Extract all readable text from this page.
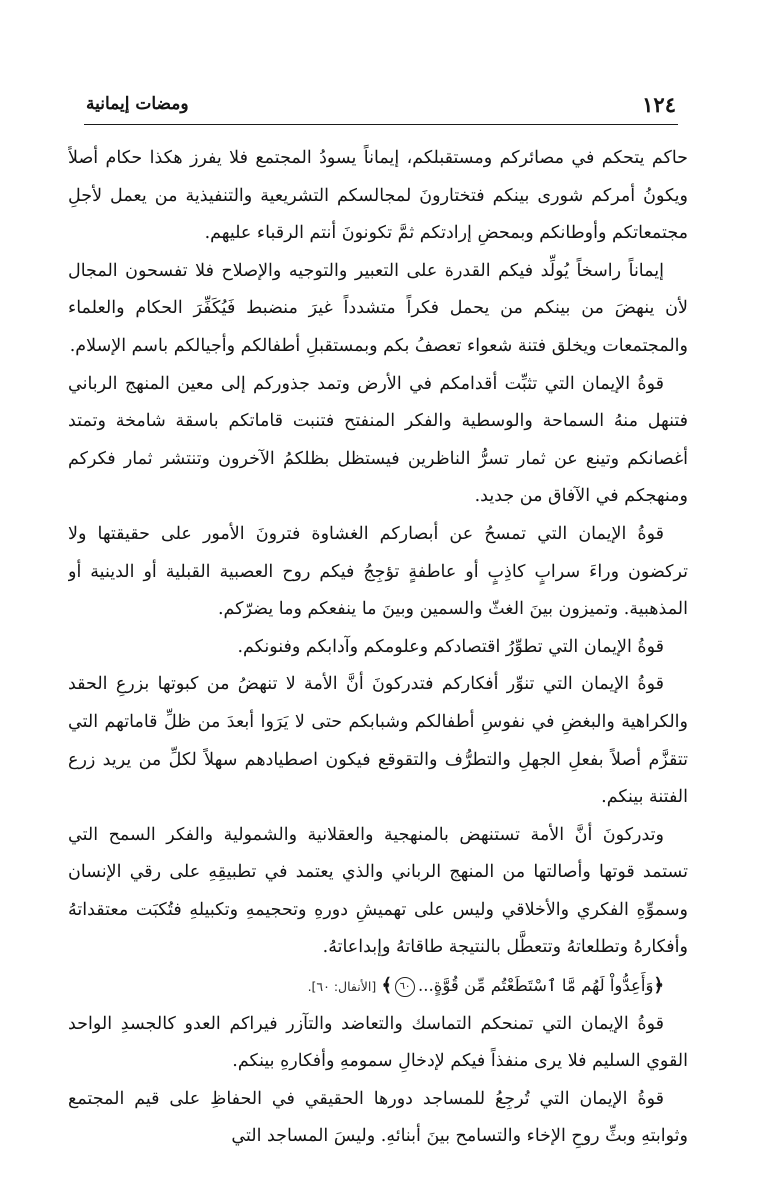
١٢٤
ومضات إيمانية

حاكم يتحكم في مصائركم ومستقبلكم، إيماناً يسودُ المجتمع فلا يفرز هكذا حكام أصلاً ويكونُ أمركم شورى بينكم فتختارونَ لمجالسكم التشريعية والتنفيذية من يعمل لأجلِ مجتمعاتكم وأوطانكم وبمحضِ إرادتكم ثمَّ تكونونَ أنتم الرقباء عليهم.

إيماناً راسخاً يُولِّد فيكم القدرة على التعبير والتوجيه والإصلاح فلا تفسحون المجال لأن ينهضَ من بينكم من يحمل فكراً متشدداً غيرَ منضبط فَيُكَفِّرَ الحكام والعلماء والمجتمعات ويخلق فتنة شعواء تعصفُ بكم وبمستقبلِ أطفالكم وأجيالكم باسم الإسلام.

قوةُ الإيمان التي تثبِّت أقدامكم في الأرض وتمد جذوركم إلى معين المنهج الرباني فتنهل منهُ السماحة والوسطية والفكر المنفتح فتنبت قاماتكم باسقة شامخة وتمتد أغصانكم وتينع عن ثمار تسرُّ الناظرين فيستظل بظلكمُ الآخرون وتنتشر ثمار فكركم ومنهجكم في الآفاق من جديد.

قوةُ الإيمان التي تمسحُ عن أبصاركم الغشاوة فترونَ الأمور على حقيقتها ولا تركضون وراءَ سرابٍ كاذِبٍ أو عاطفةٍ تؤجِجُ فيكم روح العصبية القبلية أو الدينية أو المذهبية. وتميزون بينَ الغثّ والسمين وبينَ ما ينفعكم وما يضرّكم.

قوةُ الإيمان التي تطوِّرُ اقتصادكم وعلومكم وآدابكم وفنونكم.

قوةُ الإيمان التي تنوِّر أفكاركم فتدركونَ أنَّ الأمة لا تنهضُ من كبوتها بزرعِ الحقد والكراهية والبغضِ في نفوسِ أطفالكم وشبابكم حتى لا يَرَوا أبعدَ من ظلِّ قاماتهم التي تتقزَّم أصلاً بفعلِ الجهلِ والتطرُّف والتقوقع فيكون اصطيادهم سهلاً لكلِّ من يريد زرع الفتنة بينكم.

وتدركونَ أنَّ الأمة تستنهض بالمنهجية والعقلانية والشمولية والفكر السمح التي تستمد قوتها وأصالتها من المنهج الرباني والذي يعتمد في تطبيقِهِ على رقي الإنسان وسموِّهِ الفكري والأخلاقي وليس على تهميشِ دورهِ وتحجيمهِ وتكبيلهِ فتُكبَت معتقداتهُ وأفكارهُ وتطلعاتهُ وتتعطَّل بالنتيجة طاقاتهُ وإبداعاتهُ.

﴿وَأَعِدُّواْ لَهُم مَّا ٱسْتَطَعْتُم مِّن قُوَّةٍ...٦٠﴾ [الأنفال: ٦٠].

قوةُ الإيمان التي تمنحكم التماسك والتعاضد والتآزر فيراكم العدو كالجسدِ الواحد القوي السليم فلا يرى منفذاً فيكم لإدخالِ سمومهِ وأفكارهِ بينكم.

قوةُ الإيمان التي تُرجِعُ للمساجد دورها الحقيقي في الحفاظِ على قيم المجتمع وثوابتهِ وبثِّ روحِ الإخاء والتسامح بينَ أبنائهِ. وليسَ المساجد التي
